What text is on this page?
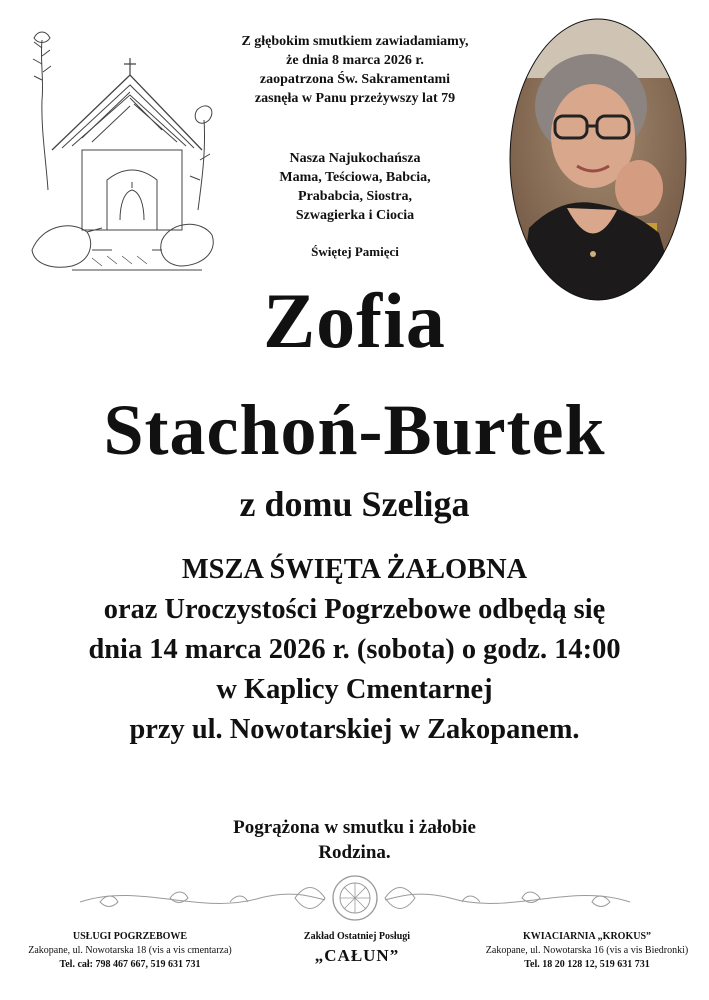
Z głębokim smutkiem zawiadamiamy,
że dnia 8 marca 2026 r.
zaopatrzona Św. Sakramentami
zasnęła w Panu przeżywszy lat 79
Nasza Najukochańsza
Mama, Teściowa, Babcia,
Prababcia, Siostra,
Szwagierka i Ciocia
Świętej Pamięci
Zofia
Stachoń-Burtek
z domu Szeliga
MSZA ŚWIĘTA ŻAŁOBNA
oraz Uroczystości Pogrzebowe odbędą się
dnia 14 marca 2026 r. (sobota) o godz. 14:00
w Kaplicy Cmentarnej
przy ul. Nowotarskiej w Zakopanem.
Pogrążona w smutku i żałobie
Rodzina.
USŁUGI POGRZEBOWE
Zakopane, ul. Nowotarska 18 (vis a vis cmentarza)
Tel. cał: 798 467 667, 519 631 731
Zakład Ostatniej Posługi
„CAŁUN”
KWIACIARNIA „KROKUS”
Zakopane, ul. Nowotarska 16 (vis a vis Biedronki)
Tel. 18 20 128 12, 519 631 731
